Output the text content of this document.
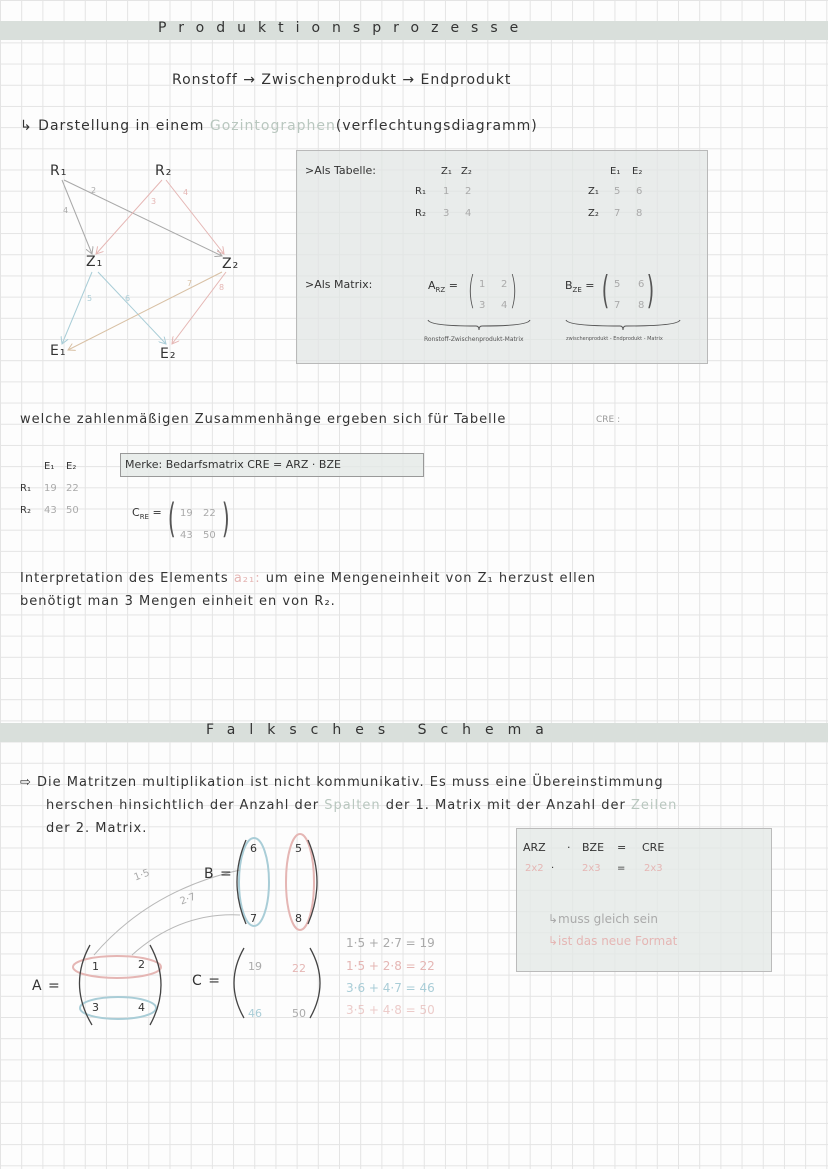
Produktionsprozesse
Ronstoff → Zwischenprodukt → Endprodukt
↳ Darstellung in einem Gozintographen(verflechtungsdiagramm)
R₁	R₂
Z₁	Z₂
E₁	E₂
4
2
3
4
5	6
7	8
>Als Tabelle:
>Als Matrix:
Z₁ Z₂
R₁ 1 2
R₂ 3 4
E₁ E₂
Z₁ 5 6
Z₂ 7 8
$A_{RZ}$ = ( )
1 2
3 4
$B_{ZE}$ = ( )
5 6
7 8
Ronstoff-Zwischenprodukt-Matrix	zwischenprodukt - Endprodukt - Matrix
welche zahlenmäßigen Zusammenhänge ergeben sich für Tabelle	CRE :
E₁ E₂
R₁ 19 22
R₂ 43 50
Merke: Bedarfsmatrix CRE = ARZ · BZE
$C_{RE}$ = ( )
19 22
43 50
Interpretation des Elements a₂₁: um eine Mengeneinheit von Z₁ herzust ellen
benötigt man 3 Mengen einheit en von R₂.
Falksches Schema
⇨ Die Matritzen multiplikation ist nicht kommunikativ. Es muss eine Übereinstimmung
herschen hinsichtlich der Anzahl der Spalten der 1. Matrix mit der Anzahl der Zeilen
der 2. Matrix.
ARZ · BZE = CRE
2x2 ·	2x3 = 2x3
↳muss gleich sein
↳ist das neue Format
B =
6	5
7	8
1·5
2·7
A =
1	2
3	4
C =
19	22
46	50
1·5 + 2·7 = 19
1·5 + 2·8 = 22
3·6 + 4·7 = 46
3·5 + 4·8 = 50
